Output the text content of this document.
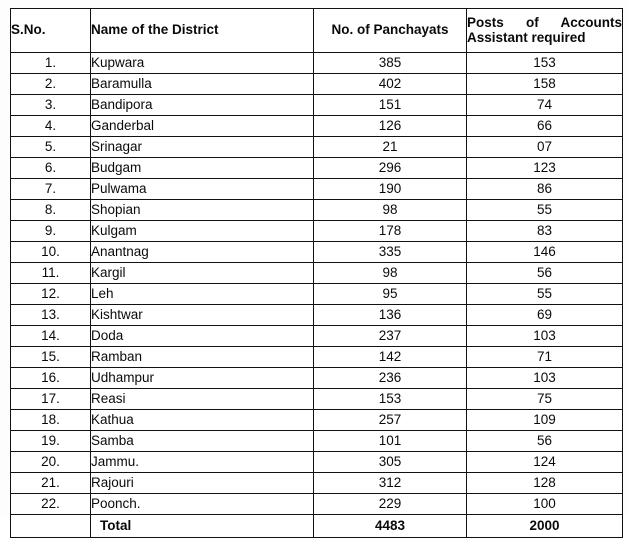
S.No.	Name of the District	No. of Panchayats	Posts of Accounts
Assistant required

1.	Kupwara	385	153
2.	Baramulla	402	158
3.	Bandipora	151	74
4.	Ganderbal	126	66
5.	Srinagar	21	07
6.	Budgam	296	123
7.	Pulwama	190	86
8.	Shopian	98	55
9.	Kulgam	178	83
10.	Anantnag	335	146
11.	Kargil	98	56
12.	Leh	95	55
13.	Kishtwar	136	69
14.	Doda	237	103
15.	Ramban	142	71
16.	Udhampur	236	103
17.	Reasi	153	75
18.	Kathua	257	109
19.	Samba	101	56
20.	Jammu.	305	124
21.	Rajouri	312	128
22.	Poonch.	229	100
	Total	4483	2000
